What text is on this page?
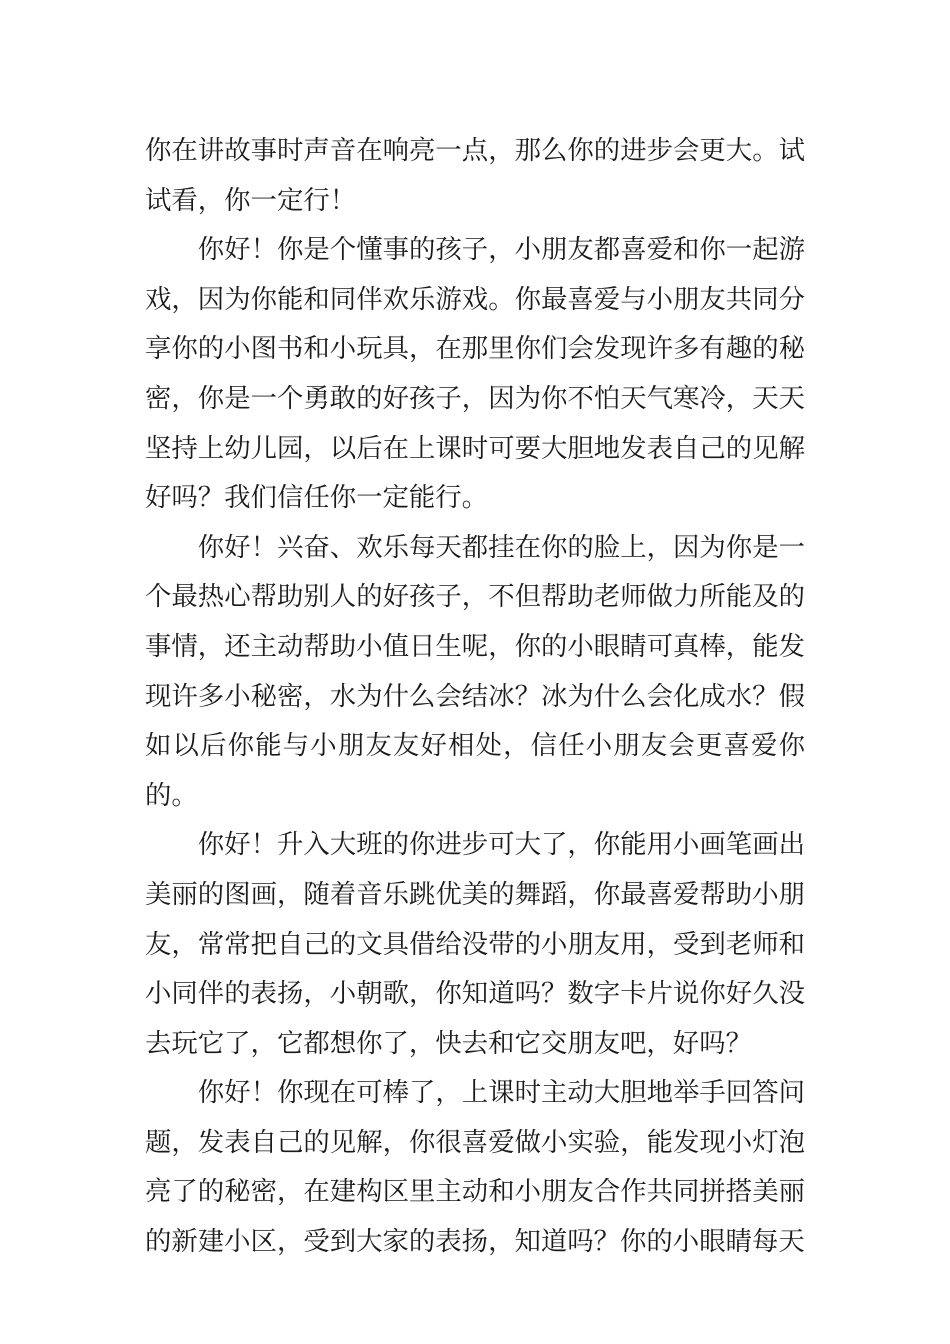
你在讲故事时声音在响亮一点，那么你的进步会更大。试试看，你一定行！

你好！你是个懂事的孩子，小朋友都喜爱和你一起游戏，因为你能和同伴欢乐游戏。你最喜爱与小朋友共同分享你的小图书和小玩具，在那里你们会发现许多有趣的秘密，你是一个勇敢的好孩子，因为你不怕天气寒冷，天天坚持上幼儿园，以后在上课时可要大胆地发表自己的见解好吗？我们信任你一定能行。

你好！兴奋、欢乐每天都挂在你的脸上，因为你是一个最热心帮助别人的好孩子，不但帮助老师做力所能及的事情，还主动帮助小值日生呢，你的小眼睛可真棒，能发现许多小秘密，水为什么会结冰？冰为什么会化成水？假如以后你能与小朋友友好相处，信任小朋友会更喜爱你的。

你好！升入大班的你进步可大了，你能用小画笔画出美丽的图画，随着音乐跳优美的舞蹈，你最喜爱帮助小朋友，常常把自己的文具借给没带的小朋友用，受到老师和小同伴的表扬，小朝歌，你知道吗？数字卡片说你好久没去玩它了，它都想你了，快去和它交朋友吧，好吗？

你好！你现在可棒了，上课时主动大胆地举手回答问题，发表自己的见解，你很喜爱做小实验，能发现小灯泡亮了的秘密，在建构区里主动和小朋友合作共同拼搭美丽的新建小区，受到大家的表扬，知道吗？你的小眼睛每天
